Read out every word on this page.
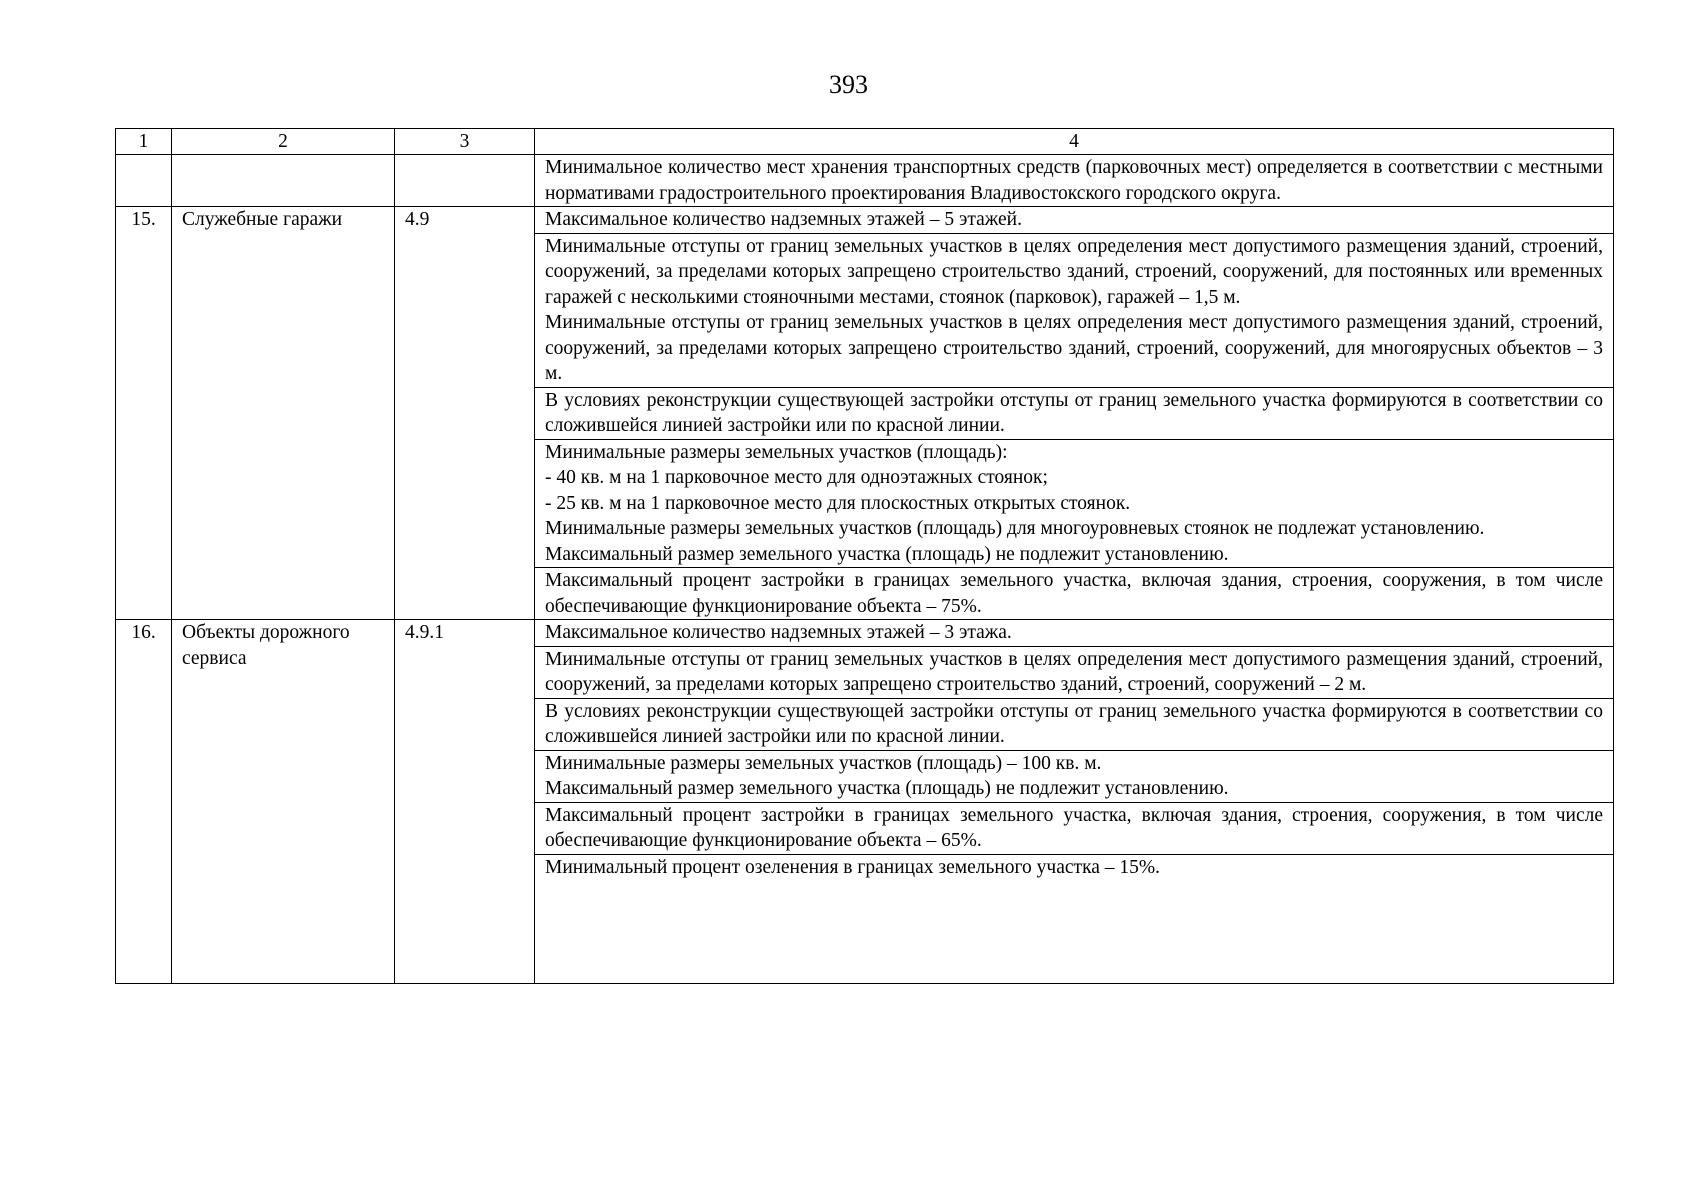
393
1	2	3	4
			Минимальное количество мест хранения транспортных средств (парковочных мест) определяется в соответствии с местными нормативами градостроительного проектирования Владивостокского городского округа.
15.	Служебные гаражи	4.9	Максимальное количество надземных этажей – 5 этажей.

			Минимальные отступы от границ земельных участков в целях определения мест допустимого размещения зданий, строений, сооружений, за пределами которых запрещено строительство зданий, строений, сооружений, для постоянных или временных гаражей с несколькими стояночными местами, стоянок (парковок), гаражей – 1,5 м.
Минимальные отступы от границ земельных участков в целях определения мест допустимого размещения зданий, строений, сооружений, за пределами которых запрещено строительство зданий, строений, сооружений, для многоярусных объектов – 3 м.

			В условиях реконструкции существующей застройки отступы от границ земельного участка формируются в соответствии со сложившейся линией застройки или по красной линии.

			Минимальные размеры земельных участков (площадь):
- 40 кв. м на 1 парковочное место для одноэтажных стоянок;
- 25 кв. м на 1 парковочное место для плоскостных открытых стоянок.
Минимальные размеры земельных участков (площадь) для многоуровневых стоянок не подлежат установлению.
Максимальный размер земельного участка (площадь) не подлежит установлению.

			Максимальный процент застройки в границах земельного участка, включая здания, строения, сооружения, в том числе обеспечивающие функционирование объекта – 75%.

16.	Объекты дорожного сервиса	4.9.1	Максимальное количество надземных этажей – 3 этажа.

			Минимальные отступы от границ земельных участков в целях определения мест допустимого размещения зданий, строений, сооружений, за пределами которых запрещено строительство зданий, строений, сооружений – 2 м.

			В условиях реконструкции существующей застройки отступы от границ земельного участка формируются в соответствии со сложившейся линией застройки или по красной линии.

			Минимальные размеры земельных участков (площадь) – 100 кв. м.
Максимальный размер земельного участка (площадь) не подлежит установлению.

			Максимальный процент застройки в границах земельного участка, включая здания, строения, сооружения, в том числе обеспечивающие функционирование объекта – 65%.

			Минимальный процент озеленения в границах земельного участка – 15%.
